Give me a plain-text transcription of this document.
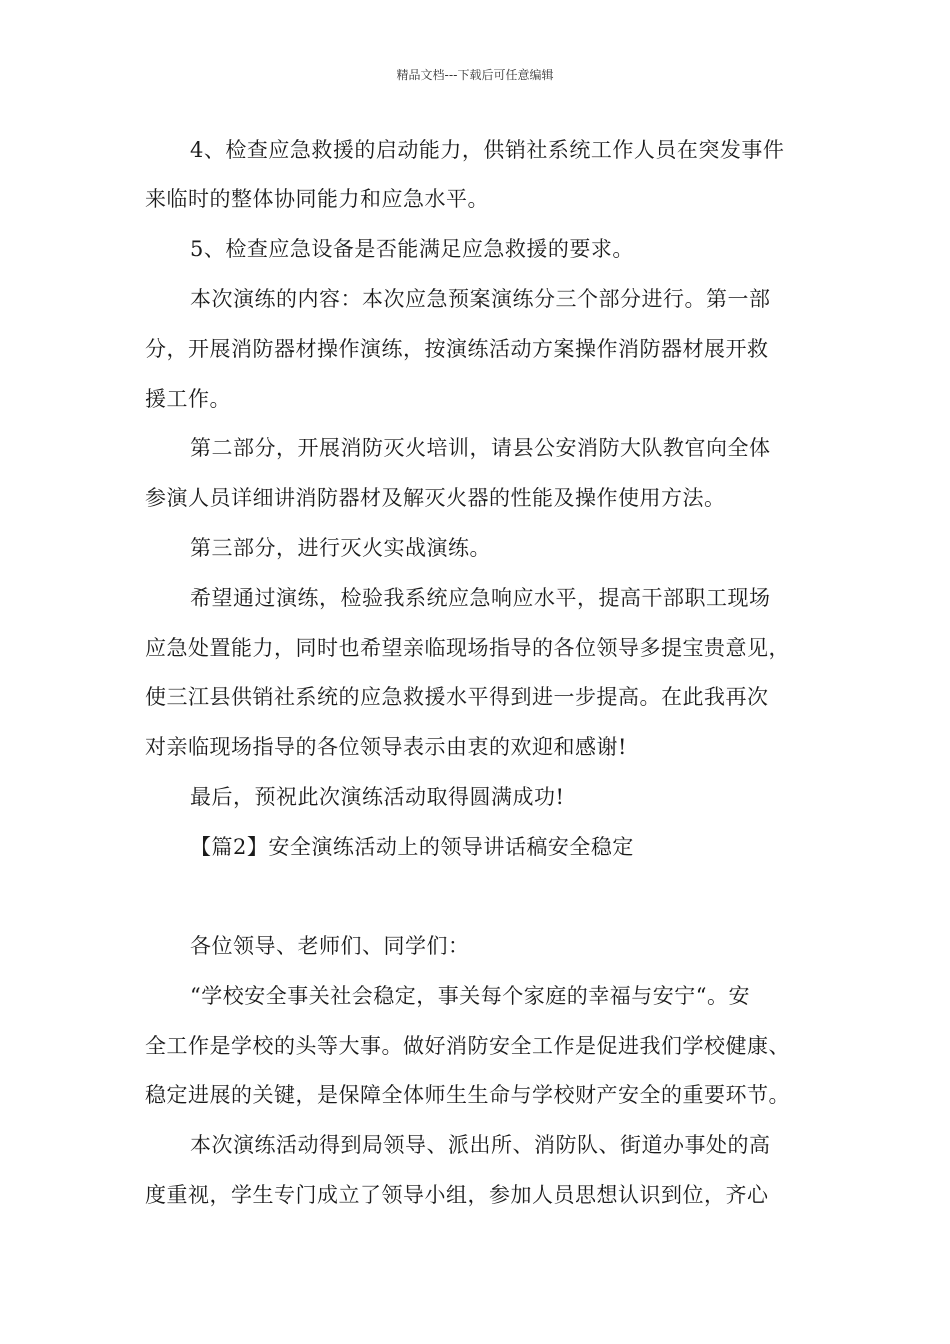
精品文档---下载后可任意编辑
4、检查应急救援的启动能力，供销社系统工作人员在突发事件
来临时的整体协同能力和应急水平。
5、检查应急设备是否能满足应急救援的要求。
本次演练的内容：本次应急预案演练分三个部分进行。第一部
分，开展消防器材操作演练，按演练活动方案操作消防器材展开救
援工作。
第二部分，开展消防灭火培训，请县公安消防大队教官向全体
参演人员详细讲消防器材及解灭火器的性能及操作使用方法。
第三部分，进行灭火实战演练。
希望通过演练，检验我系统应急响应水平，提高干部职工现场
应急处置能力，同时也希望亲临现场指导的各位领导多提宝贵意见，
使三江县供销社系统的应急救援水平得到进一步提高。在此我再次
对亲临现场指导的各位领导表示由衷的欢迎和感谢!
最后，预祝此次演练活动取得圆满成功!
【篇2】安全演练活动上的领导讲话稿安全稳定
各位领导、老师们、同学们：
“学校安全事关社会稳定，事关每个家庭的幸福与安宁“。安
全工作是学校的头等大事。做好消防安全工作是促进我们学校健康、
稳定进展的关键，是保障全体师生生命与学校财产安全的重要环节。
本次演练活动得到局领导、派出所、消防队、街道办事处的高
度重视，学生专门成立了领导小组，参加人员思想认识到位，齐心
